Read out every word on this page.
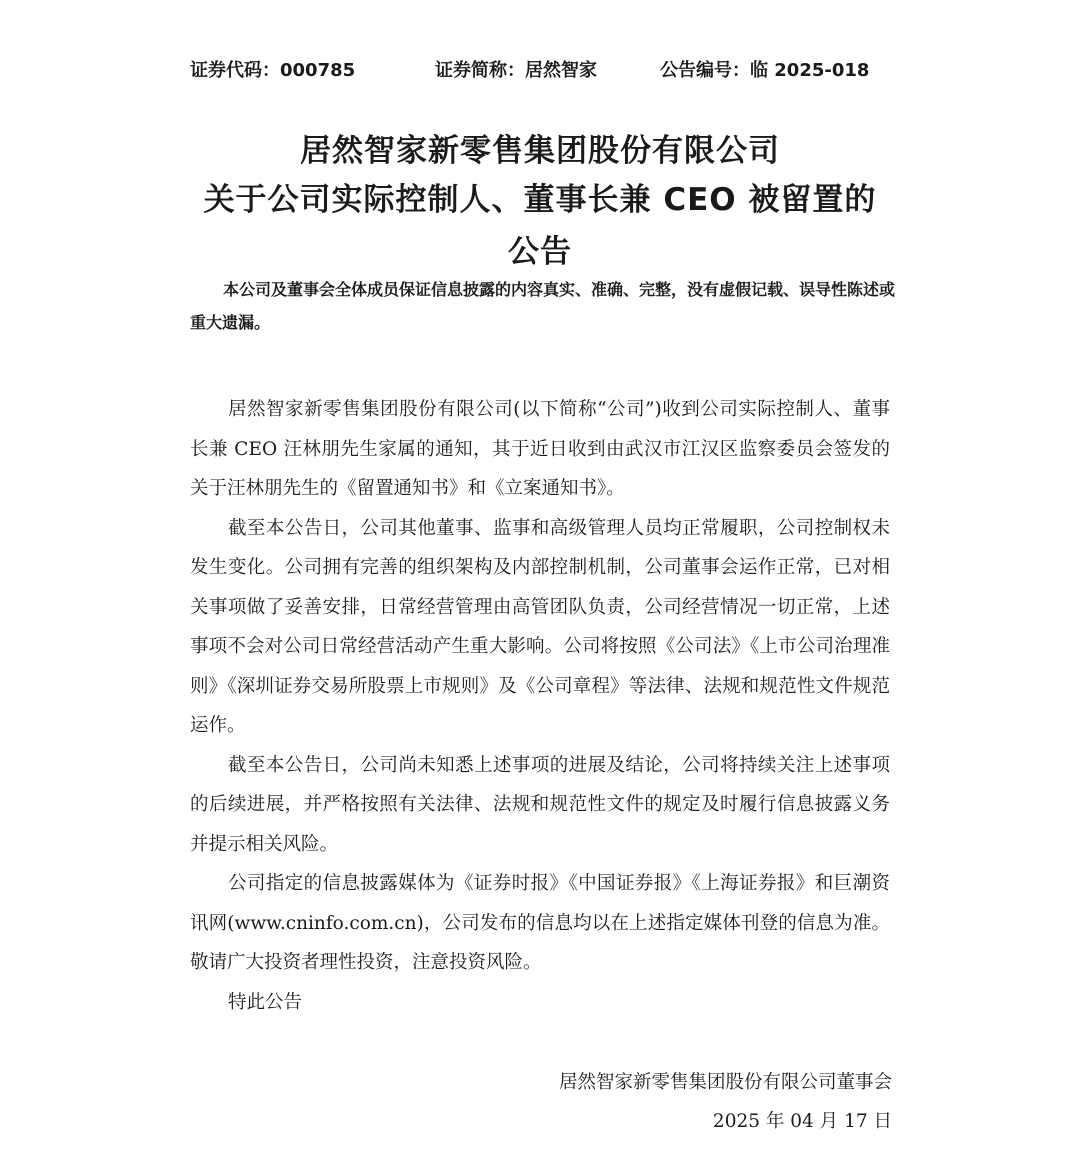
证券代码：000785	证券简称：居然智家	公告编号：临 2025-018
居然智家新零售集团股份有限公司
关于公司实际控制人、董事长兼 CEO 被留置的
公告
本公司及董事会全体成员保证信息披露的内容真实、准确、完整，没有虚假记载、误导性陈述或重大遗漏。

居然智家新零售集团股份有限公司(以下简称“公司”)收到公司实际控制人、董事长兼 CEO 汪林朋先生家属的通知，其于近日收到由武汉市江汉区监察委员会签发的关于汪林朋先生的《留置通知书》和《立案通知书》。

截至本公告日，公司其他董事、监事和高级管理人员均正常履职，公司控制权未发生变化。公司拥有完善的组织架构及内部控制机制，公司董事会运作正常，已对相关事项做了妥善安排，日常经营管理由高管团队负责，公司经营情况一切正常，上述事项不会对公司日常经营活动产生重大影响。公司将按照《公司法》《上市公司治理准则》《深圳证券交易所股票上市规则》及《公司章程》等法律、法规和规范性文件规范运作。

截至本公告日，公司尚未知悉上述事项的进展及结论，公司将持续关注上述事项的后续进展，并严格按照有关法律、法规和规范性文件的规定及时履行信息披露义务并提示相关风险。

公司指定的信息披露媒体为《证券时报》《中国证券报》《上海证券报》和巨潮资讯网(www.cninfo.com.cn)，公司发布的信息均以在上述指定媒体刊登的信息为准。敬请广大投资者理性投资，注意投资风险。

特此公告

居然智家新零售集团股份有限公司董事会
2025 年 04 月 17 日
